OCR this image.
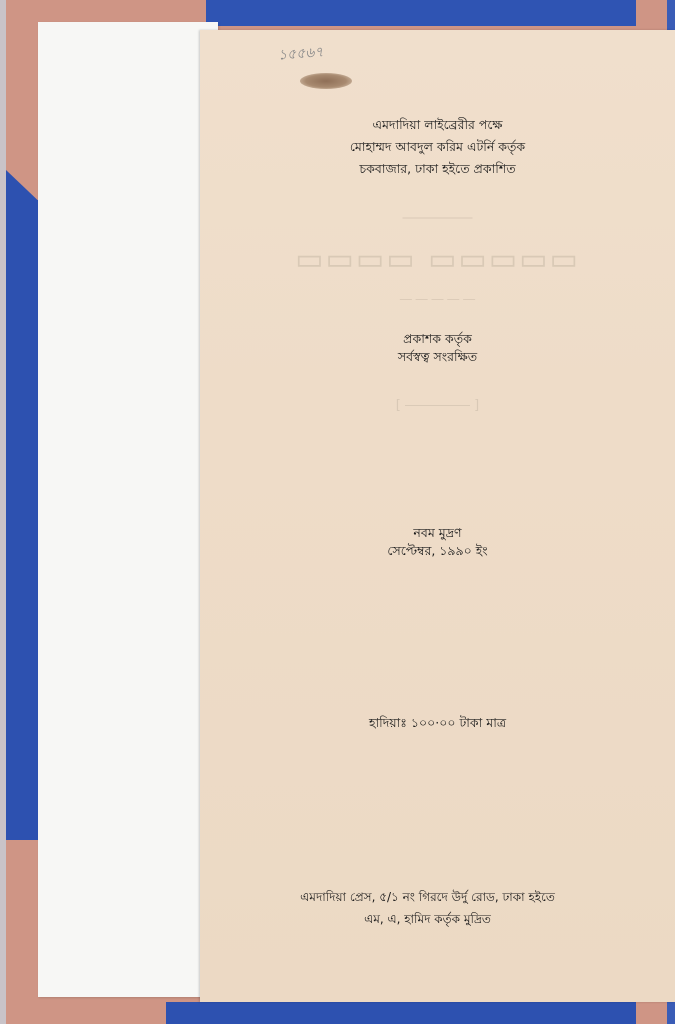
১৫৫৬৭
―――――
▭▭▭▭ ▭▭▭▭▭
― ― ― ― ―
[ ――――― ]
এমদাদিয়া লাইব্রেরীর পক্ষে
মোহাম্মদ আবদুল করিম এটর্নি কর্তৃক
চকবাজার, ঢাকা হইতে প্রকাশিত
প্রকাশক কর্তৃক
সর্বস্বত্ব সংরক্ষিত
নবম মুদ্রণ
সেপ্টেম্বর, ১৯৯০ ইং
হাদিয়াঃ ১০০·০০ টাকা মাত্র
এমদাদিয়া প্রেস, ৫/১ নং গিরদে উর্দু রোড, ঢাকা হইতে
এম, এ, হামিদ কর্তৃক মুদ্রিত
